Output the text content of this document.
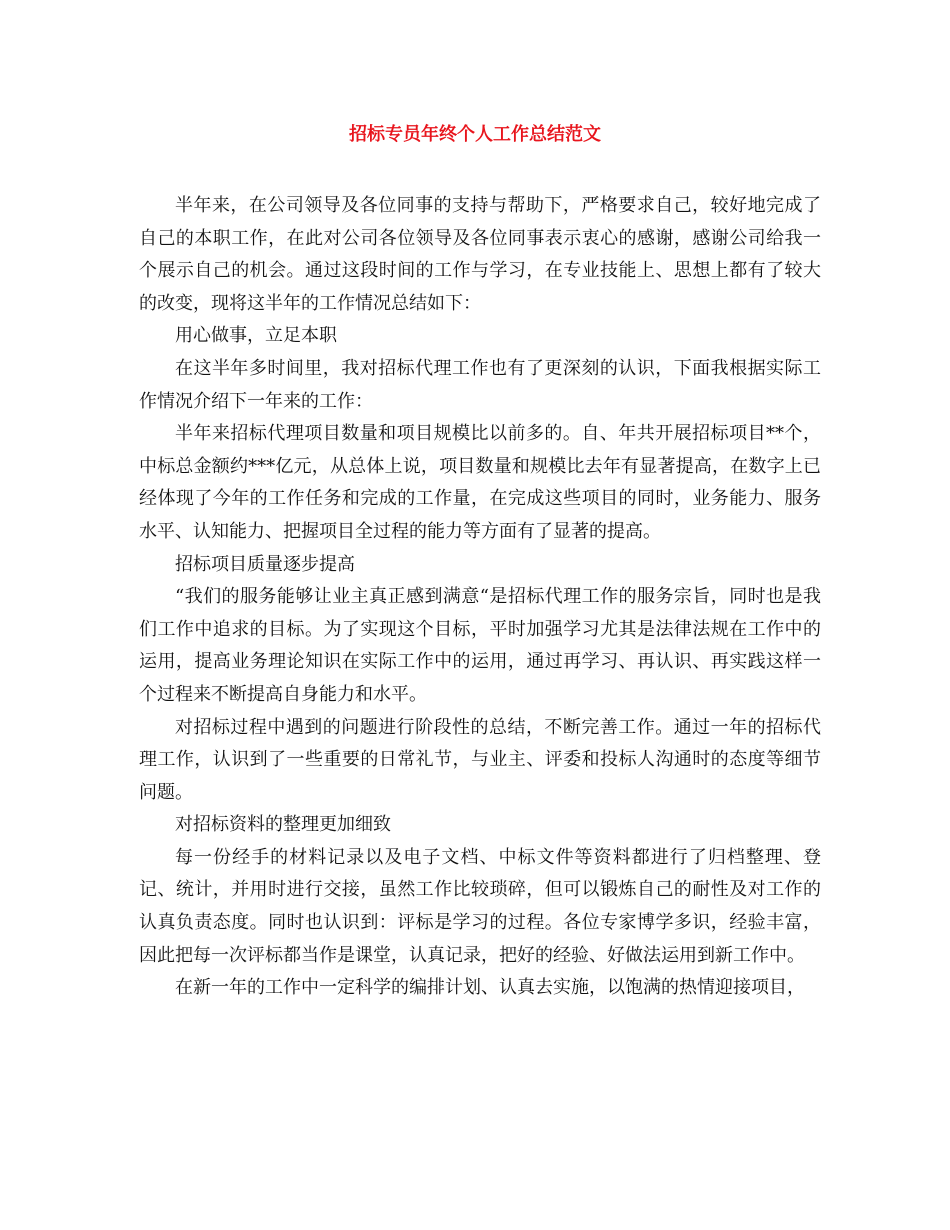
招标专员年终个人工作总结范文

半年来，在公司领导及各位同事的支持与帮助下，严格要求自己，较好地完成了自己的本职工作，在此对公司各位领导及各位同事表示衷心的感谢，感谢公司给我一个展示自己的机会。通过这段时间的工作与学习，在专业技能上、思想上都有了较大的改变，现将这半年的工作情况总结如下：

用心做事，立足本职

在这半年多时间里，我对招标代理工作也有了更深刻的认识，下面我根据实际工作情况介绍下一年来的工作：

半年来招标代理项目数量和项目规模比以前多的。自、年共开展招标项目**个，中标总金额约***亿元，从总体上说，项目数量和规模比去年有显著提高，在数字上已经体现了今年的工作任务和完成的工作量，在完成这些项目的同时，业务能力、服务水平、认知能力、把握项目全过程的能力等方面有了显著的提高。

招标项目质量逐步提高

“我们的服务能够让业主真正感到满意“是招标代理工作的服务宗旨，同时也是我们工作中追求的目标。为了实现这个目标，平时加强学习尤其是法律法规在工作中的运用，提高业务理论知识在实际工作中的运用，通过再学习、再认识、再实践这样一个过程来不断提高自身能力和水平。

对招标过程中遇到的问题进行阶段性的总结，不断完善工作。通过一年的招标代理工作，认识到了一些重要的日常礼节，与业主、评委和投标人沟通时的态度等细节问题。

对招标资料的整理更加细致

每一份经手的材料记录以及电子文档、中标文件等资料都进行了归档整理、登记、统计，并用时进行交接，虽然工作比较琐碎，但可以锻炼自己的耐性及对工作的认真负责态度。同时也认识到：评标是学习的过程。各位专家博学多识，经验丰富，因此把每一次评标都当作是课堂，认真记录，把好的经验、好做法运用到新工作中。

在新一年的工作中一定科学的编排计划、认真去实施，以饱满的热情迎接项目，
